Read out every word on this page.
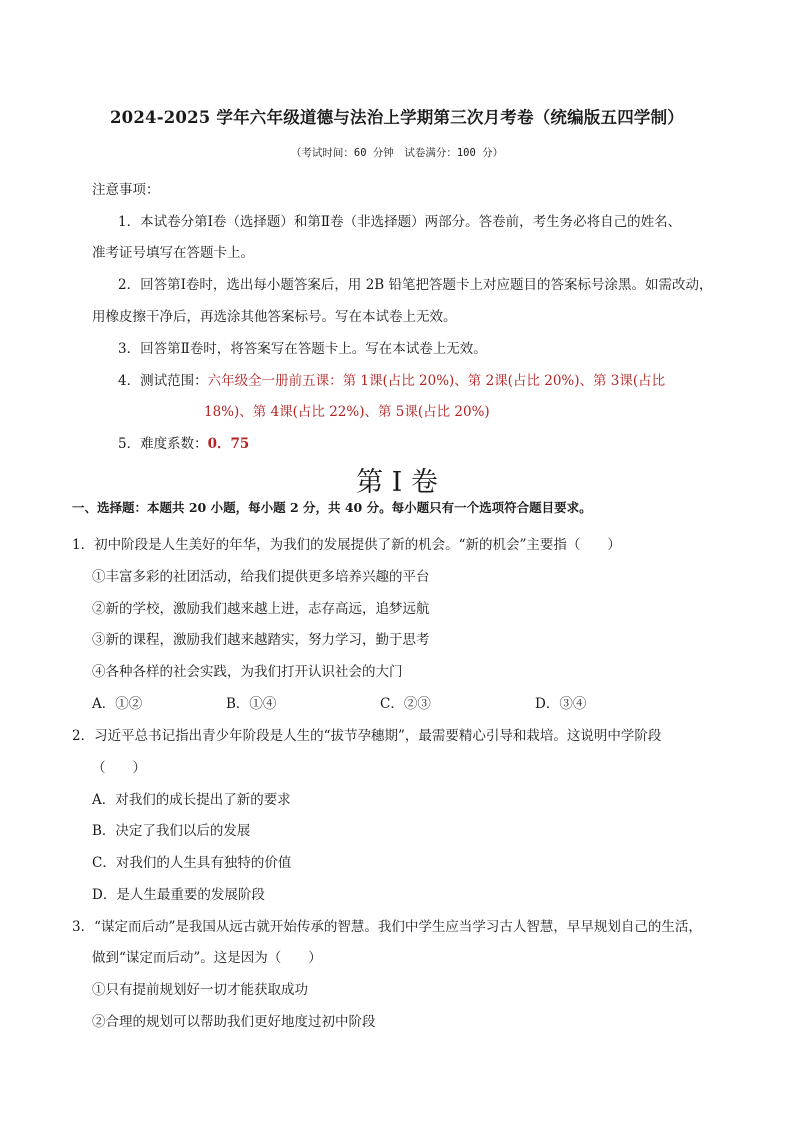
2024-2025 学年六年级道德与法治上学期第三次月考卷（统编版五四学制）
（考试时间：60 分钟　试卷满分：100 分）
注意事项：
1．本试卷分第Ⅰ卷（选择题）和第Ⅱ卷（非选择题）两部分。答卷前，考生务必将自己的姓名、
准考证号填写在答题卡上。
2．回答第Ⅰ卷时，选出每小题答案后，用 2B 铅笔把答题卡上对应题目的答案标号涂黑。如需改动，
用橡皮擦干净后，再选涂其他答案标号。写在本试卷上无效。
3．回答第Ⅱ卷时，将答案写在答题卡上。写在本试卷上无效。
4．测试范围：六年级全一册前五课：第 1课(占比 20%)、第 2课(占比 20%)、第 3课(占比
18%)、第 4课(占比 22%)、第 5课(占比 20%)
5．难度系数：0．75
第 I 卷
一、选择题：本题共 20 小题，每小题 2 分，共 40 分。每小题只有一个选项符合题目要求。
1．初中阶段是人生美好的年华，为我们的发展提供了新的机会。“新的机会”主要指（　　）
①丰富多彩的社团活动，给我们提供更多培养兴趣的平台
②新的学校，激励我们越来越上进，志存高远，追梦远航
③新的课程，激励我们越来越踏实，努力学习，勤于思考
④各种各样的社会实践，为我们打开认识社会的大门
A．①②	B．①④	C．②③	D．③④
2．习近平总书记指出青少年阶段是人生的“拔节孕穗期”，最需要精心引导和栽培。这说明中学阶段
（　　）
A．对我们的成长提出了新的要求
B．决定了我们以后的发展
C．对我们的人生具有独特的价值
D．是人生最重要的发展阶段
3．“谋定而后动”是我国从远古就开始传承的智慧。我们中学生应当学习古人智慧，早早规划自己的生活，
做到“谋定而后动”。这是因为（　　）
①只有提前规划好一切才能获取成功
②合理的规划可以帮助我们更好地度过初中阶段
